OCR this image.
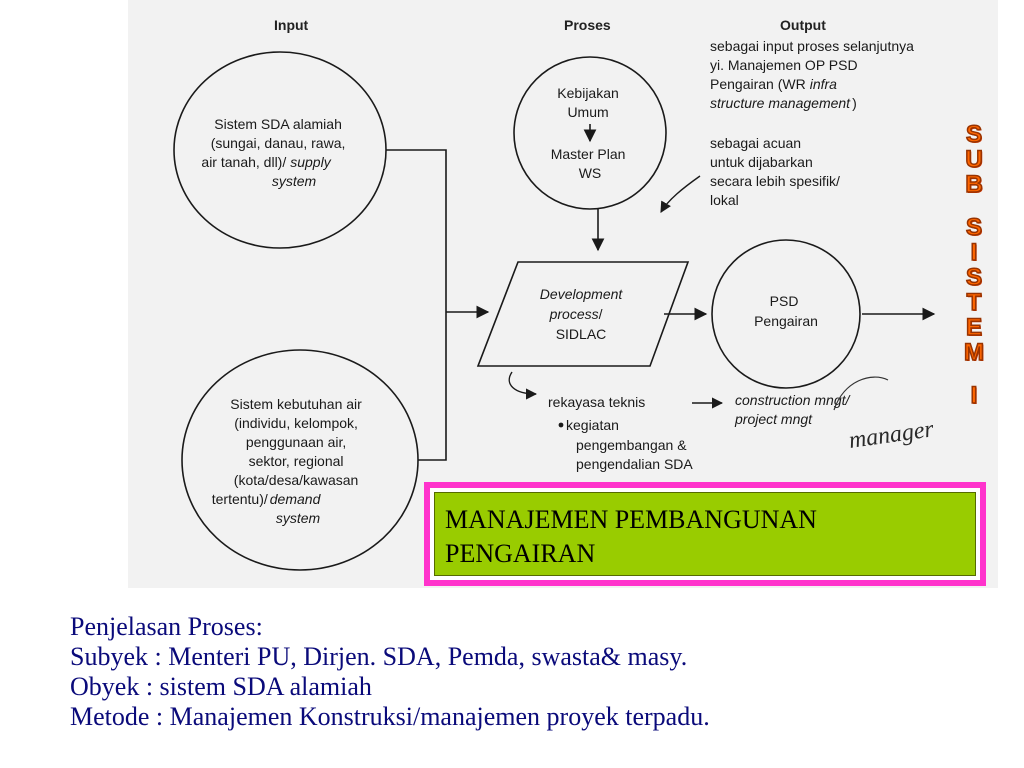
Input	Proses	Output
Sistem SDA alamiah (sungai, danau, rawa, air tanah, dll)/ supply system
Sistem kebutuhan air (individu, kelompok, penggunaan air, sektor, regional (kota/desa/kawasan tertentu)/ demand system
Kebijakan Umum Master Plan WS
sebagai input proses selanjutnya yi. Manajemen OP PSD Pengairan (WR infra structure management )
sebagai acuan untuk dijabarkan secara lebih spesifik/ lokal
Development process/ SIDLAC
PSD Pengairan
rekayasa teknis kegiatan pengembangan & pengendalian SDA
construction mngt/ project mngt	manager
MANAJEMEN PEMBANGUNAN
PENGAIRAN
S
U
B
S
I
S
T
E
M
I
Penjelasan Proses:
Subyek : Menteri PU, Dirjen. SDA, Pemda, swasta& masy.
Obyek : sistem SDA alamiah
Metode : Manajemen Konstruksi/manajemen proyek terpadu.
